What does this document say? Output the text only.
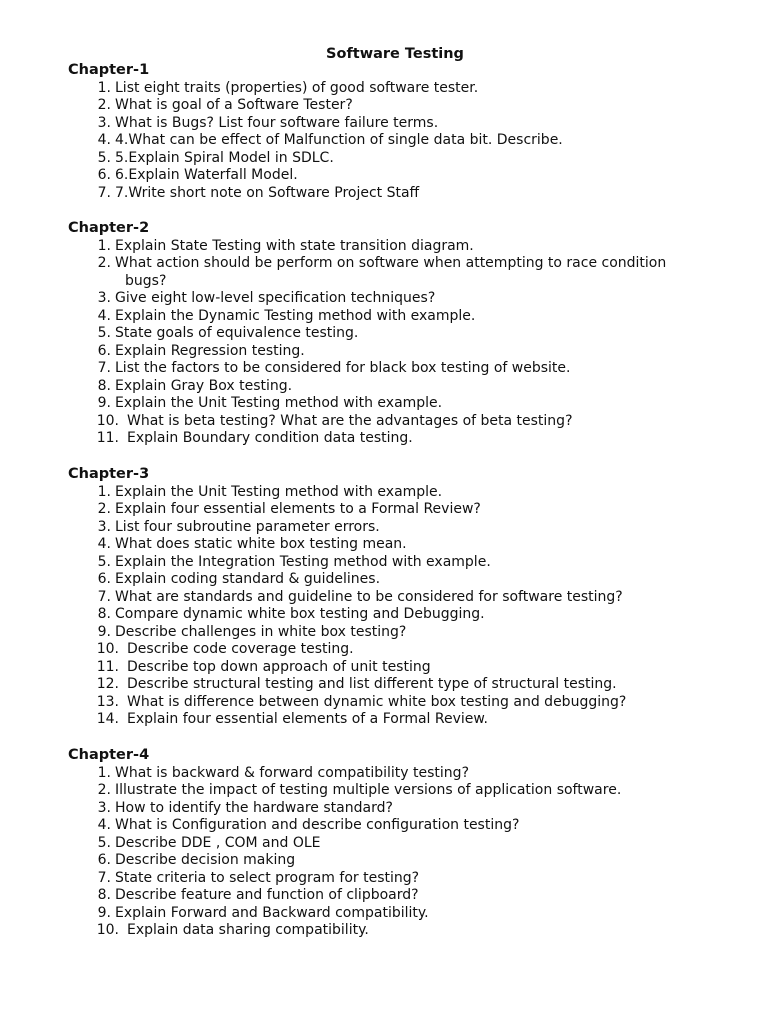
Software Testing
Chapter-1
1. List eight traits (properties) of good software tester.
2. What is goal of a Software Tester?
3. What is Bugs? List four software failure terms.
4. 4.What can be effect of Malfunction of single data bit. Describe.
5. 5.Explain Spiral Model in SDLC.
6. 6.Explain Waterfall Model.
7. 7.Write short note on Software Project Staff
Chapter-2
1. Explain State Testing with state transition diagram.
2. What action should be perform on software when attempting to race condition
bugs?
3. Give eight low-level specification techniques?
4. Explain the Dynamic Testing method with example.
5. State goals of equivalence testing.
6. Explain Regression testing.
7. List the factors to be considered for black box testing of website.
8. Explain Gray Box testing.
9. Explain the Unit Testing method with example.
10. What is beta testing? What are the advantages of beta testing?
11. Explain Boundary condition data testing.
Chapter-3
1. Explain the Unit Testing method with example.
2. Explain four essential elements to a Formal Review?
3. List four subroutine parameter errors.
4. What does static white box testing mean.
5. Explain the Integration Testing method with example.
6. Explain coding standard & guidelines.
7. What are standards and guideline to be considered for software testing?
8. Compare dynamic white box testing and Debugging.
9. Describe challenges in white box testing?
10. Describe code coverage testing.
11. Describe top down approach of unit testing
12. Describe structural testing and list different type of structural testing.
13. What is difference between dynamic white box testing and debugging?
14. Explain four essential elements of a Formal Review.
Chapter-4
1. What is backward & forward compatibility testing?
2. Illustrate the impact of testing multiple versions of application software.
3. How to identify the hardware standard?
4. What is Configuration and describe configuration testing?
5. Describe DDE , COM and OLE
6. Describe decision making
7. State criteria to select program for testing?
8. Describe feature and function of clipboard?
9. Explain Forward and Backward compatibility.
10. Explain data sharing compatibility.
